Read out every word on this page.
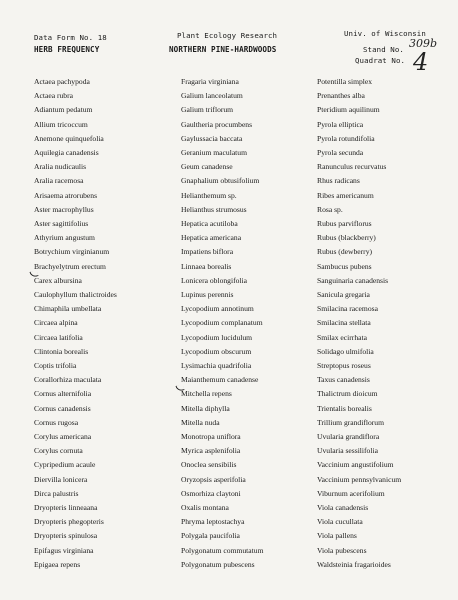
Data Form No. 18	Plant Ecology Research	Univ. of Wisconsin
HERB FREQUENCY	NORTHERN PINE-HARDWOODS	Stand No. 309b
Quadrat No. 4
Actaea pachypoda
Actaea rubra
Adiantum pedatum
Allium tricoccum
Anemone quinquefolia
Aquilegia canadensis
Aralia nudicaulis
Aralia racemosa
Arisaema atrorubens
Aster macrophyllus
Aster sagittifolius
Athyrium angustum
Botrychium virginianum
Brachyelytrum erectum
Carex albursina
Caulophyllum thalictroides
Chimaphila umbellata
Circaea alpina
Circaea latifolia
Clintonia borealis
Coptis trifolia
Corallorhiza maculata
Cornus alternifolia
Cornus canadensis
Cornus rugosa
Corylus americana
Corylus cornuta
Cypripedium acaule
Diervilla lonicera
Dirca palustris
Dryopteris linneaana
Dryopteris phegopteris
Dryopteris spinulosa
Epifagus virginiana
Epigaea repens
Fragaria virginiana
Galium lanceolatum
Galium triflorum
Gaultheria procumbens
Gaylussacia baccata
Geranium maculatum
Geum canadense
Gnaphalium obtusifolium
Helianthemum sp.
Helianthus strumosus
Hepatica acutiloba
Hepatica americana
Impatiens biflora
Linnaea borealis
Lonicera oblongifolia
Lupinus perennis
Lycopodium annotinum
Lycopodium complanatum
Lycopodium lucidulum
Lycopodium obscurum
Lysimachia quadrifolia
Maianthemum canadense
Mitchella repens
Mitella diphylla
Mitella nuda
Monotropa uniflora
Myrica asplenifolia
Onoclea sensibilis
Oryzopsis asperifolia
Osmorhiza claytoni
Oxalis montana
Phryma leptostachya
Polygala paucifolia
Polygonatum commutatum
Polygonatum pubescens
Potentilla simplex
Prenanthes alba
Pteridium aquilinum
Pyrola elliptica
Pyrola rotundifolia
Pyrola secunda
Ranunculus recurvatus
Rhus radicans
Ribes americanum
Rosa sp.
Rubus parviflorus
Rubus (blackberry)
Rubus (dewberry)
Sambucus pubens
Sanguinaria canadensis
Sanicula gregaria
Smilacina racemosa
Smilacina stellata
Smilax ecirrhata
Solidago ulmifolia
Streptopus roseus
Taxus canadensis
Thalictrum dioicum
Trientalis borealis
Trillium grandiflorum
Uvularia grandiflora
Uvularia sessilifolia
Vaccinium angustifolium
Vaccinium pennsylvanicum
Viburnum acerifolium
Viola canadensis
Viola cucullata
Viola pallens
Viola pubescens
Waldsteinia fragarioides
